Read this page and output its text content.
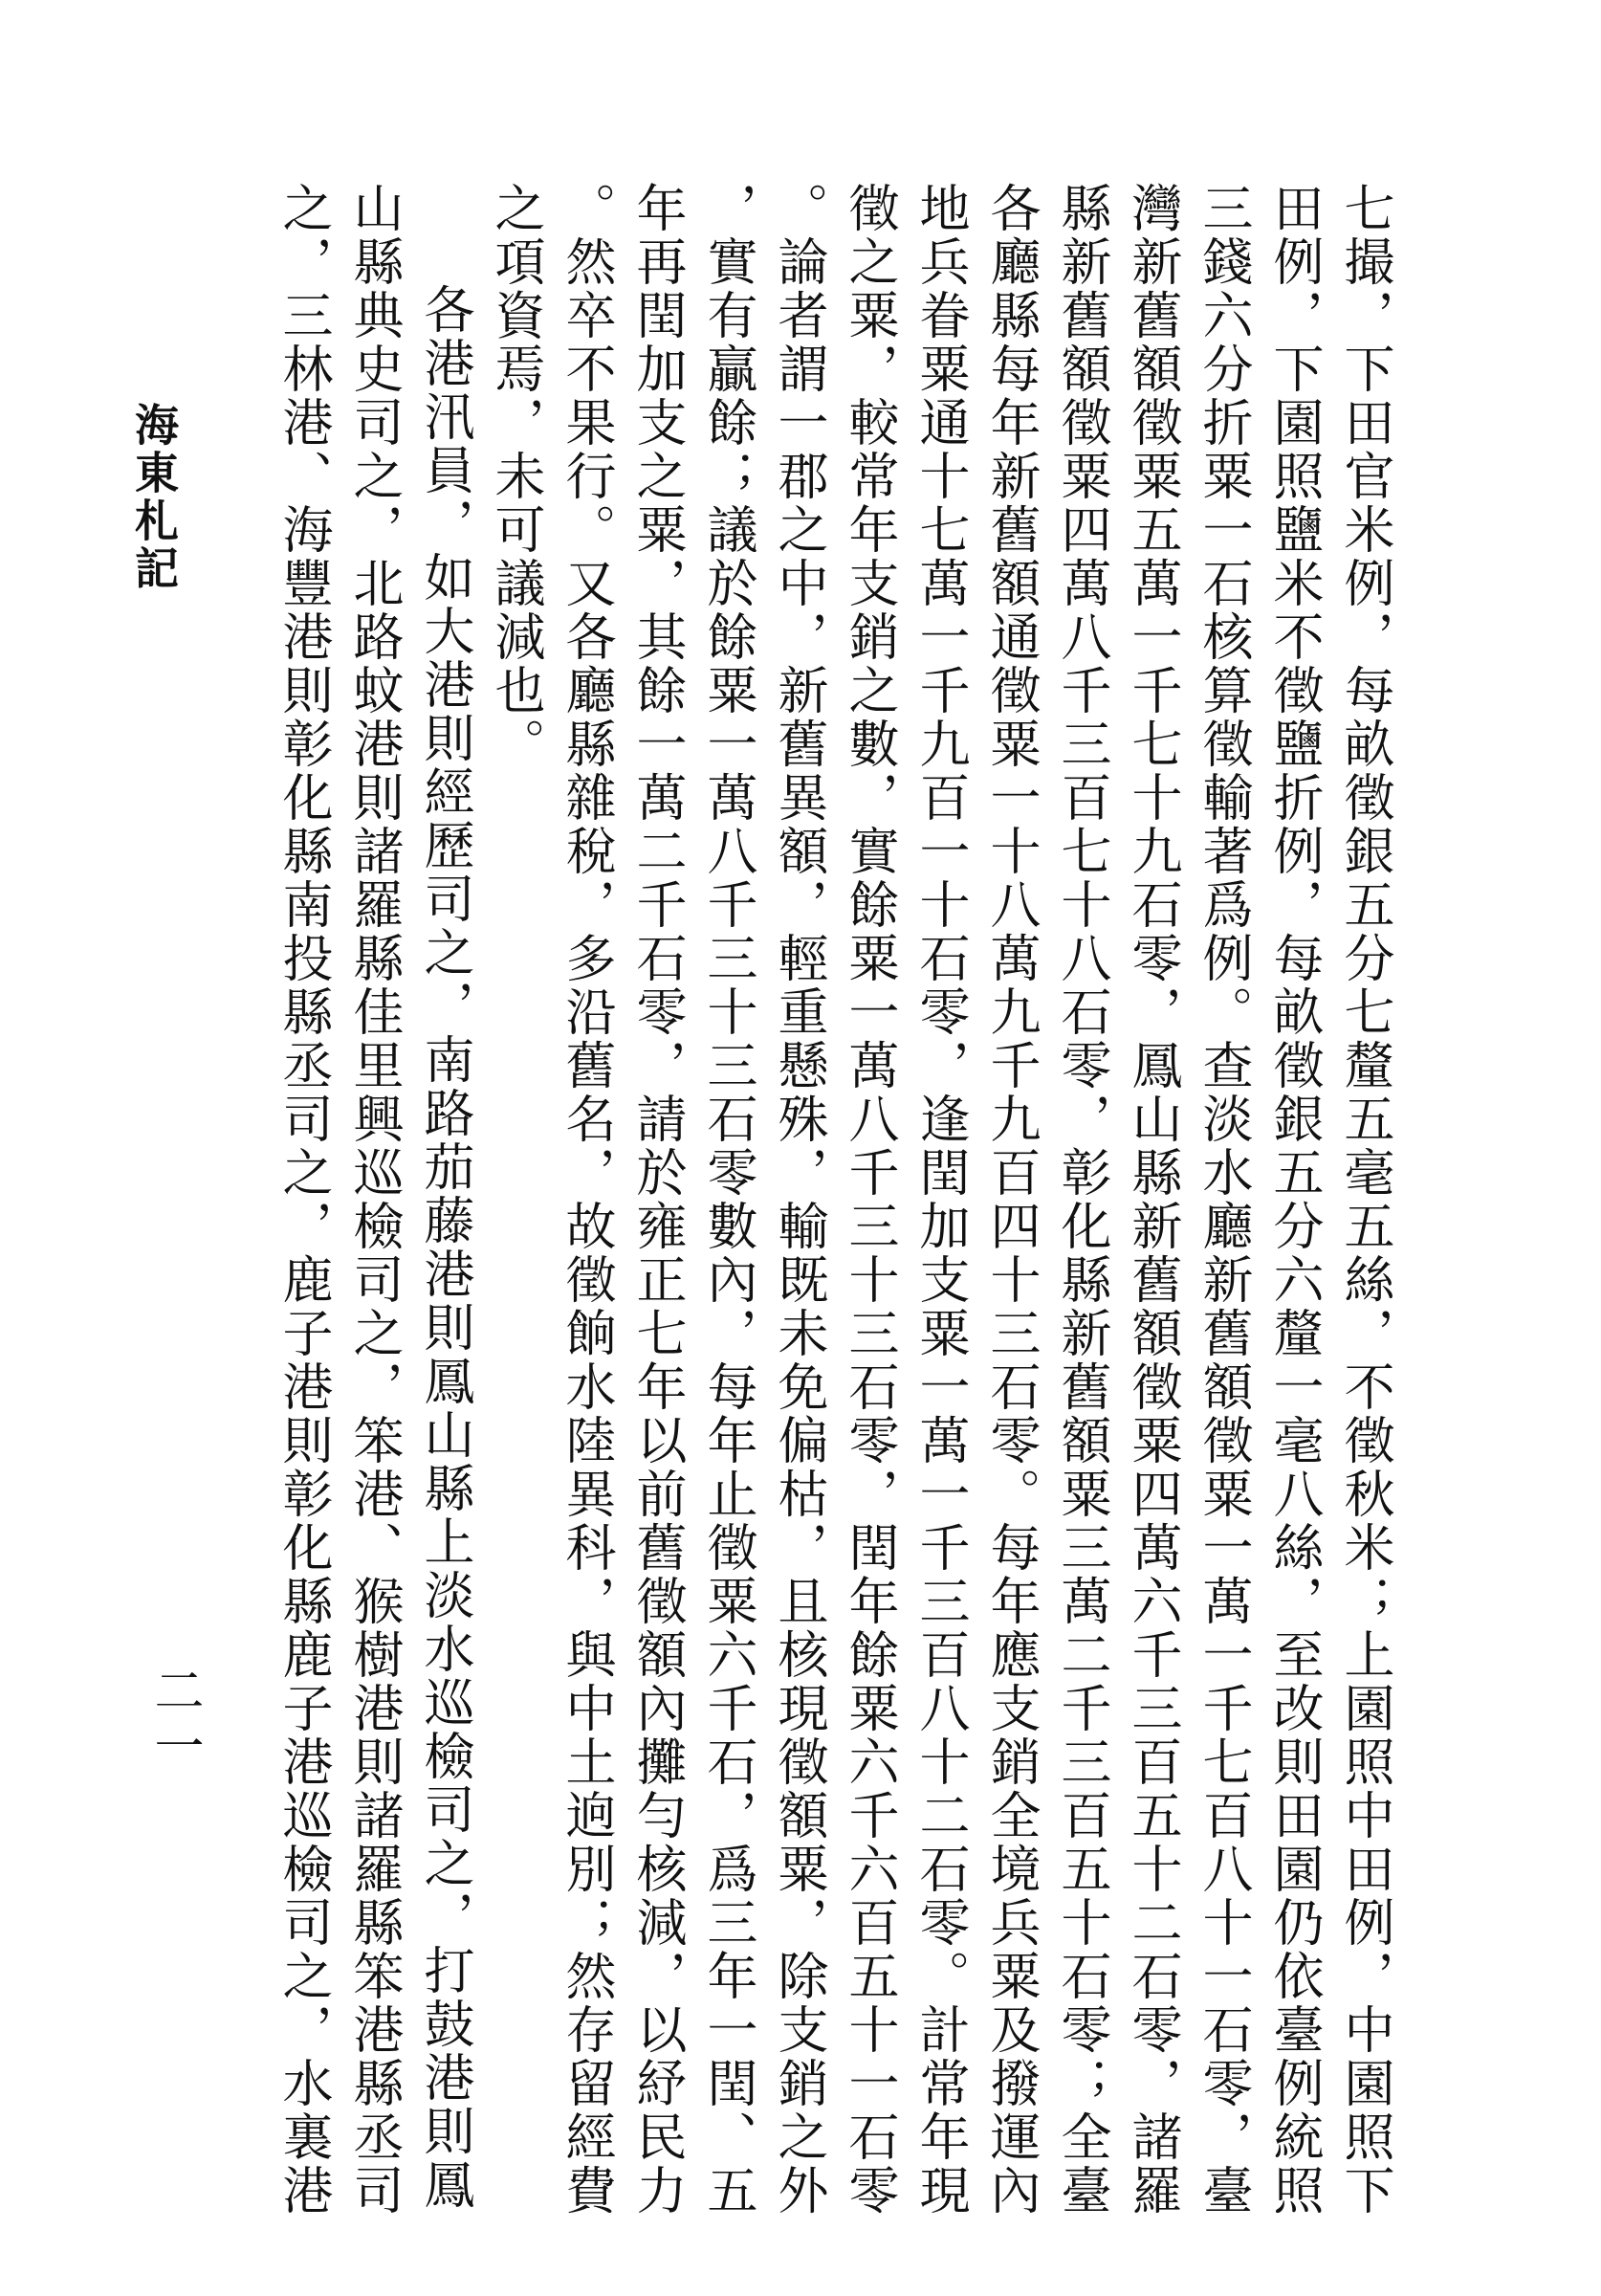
七撮，下田官米例，每畝徵銀五分七釐五毫五絲，不徵秋米；上園照中田例，中園照下
田例，下園照鹽米不徵鹽折例，每畝徵銀五分六釐一毫八絲，至改則田園仍依臺例統照
三錢六分折粟一石核算徵輸著爲例。查淡水廳新舊額徵粟一萬一千七百八十一石零，臺
灣新舊額徵粟五萬一千七十九石零，鳳山縣新舊額徵粟四萬六千三百五十二石零，諸羅
縣新舊額徵粟四萬八千三百七十八石零，彰化縣新舊額粟三萬二千三百五十石零；全臺
各廳縣每年新舊額通徵粟一十八萬九千九百四十三石零。每年應支銷全境兵粟及撥運內
地兵眷粟通十七萬一千九百一十石零，逢閏加支粟一萬一千三百八十二石零。計常年現
徵之粟，較常年支銷之數，實餘粟一萬八千三十三石零，閏年餘粟六千六百五十一石零
。論者謂一郡之中，新舊異額，輕重懸殊，輸既未免偏枯，且核現徵額粟，除支銷之外
，實有贏餘；議於餘粟一萬八千三十三石零數內，每年止徵粟六千石，爲三年一閏、五
年再閏加支之粟，其餘一萬二千石零，請於雍正七年以前舊徵額內攤勻核減，以紓民力
。然卒不果行。又各廳縣雜稅，多沿舊名，故徵餉水陸異科，與中土逈別；然存留經費
之項資焉，未可議減也。
各港汛員，如大港則經歷司之，南路茄藤港則鳳山縣上淡水巡檢司之，打鼓港則鳳
山縣典史司之，北路蚊港則諸羅縣佳里興巡檢司之，笨港、猴樹港則諸羅縣笨港縣丞司
之，三林港、海豐港則彰化縣南投縣丞司之，鹿子港則彰化縣鹿子港巡檢司之，水裏港
海東札記
二一
